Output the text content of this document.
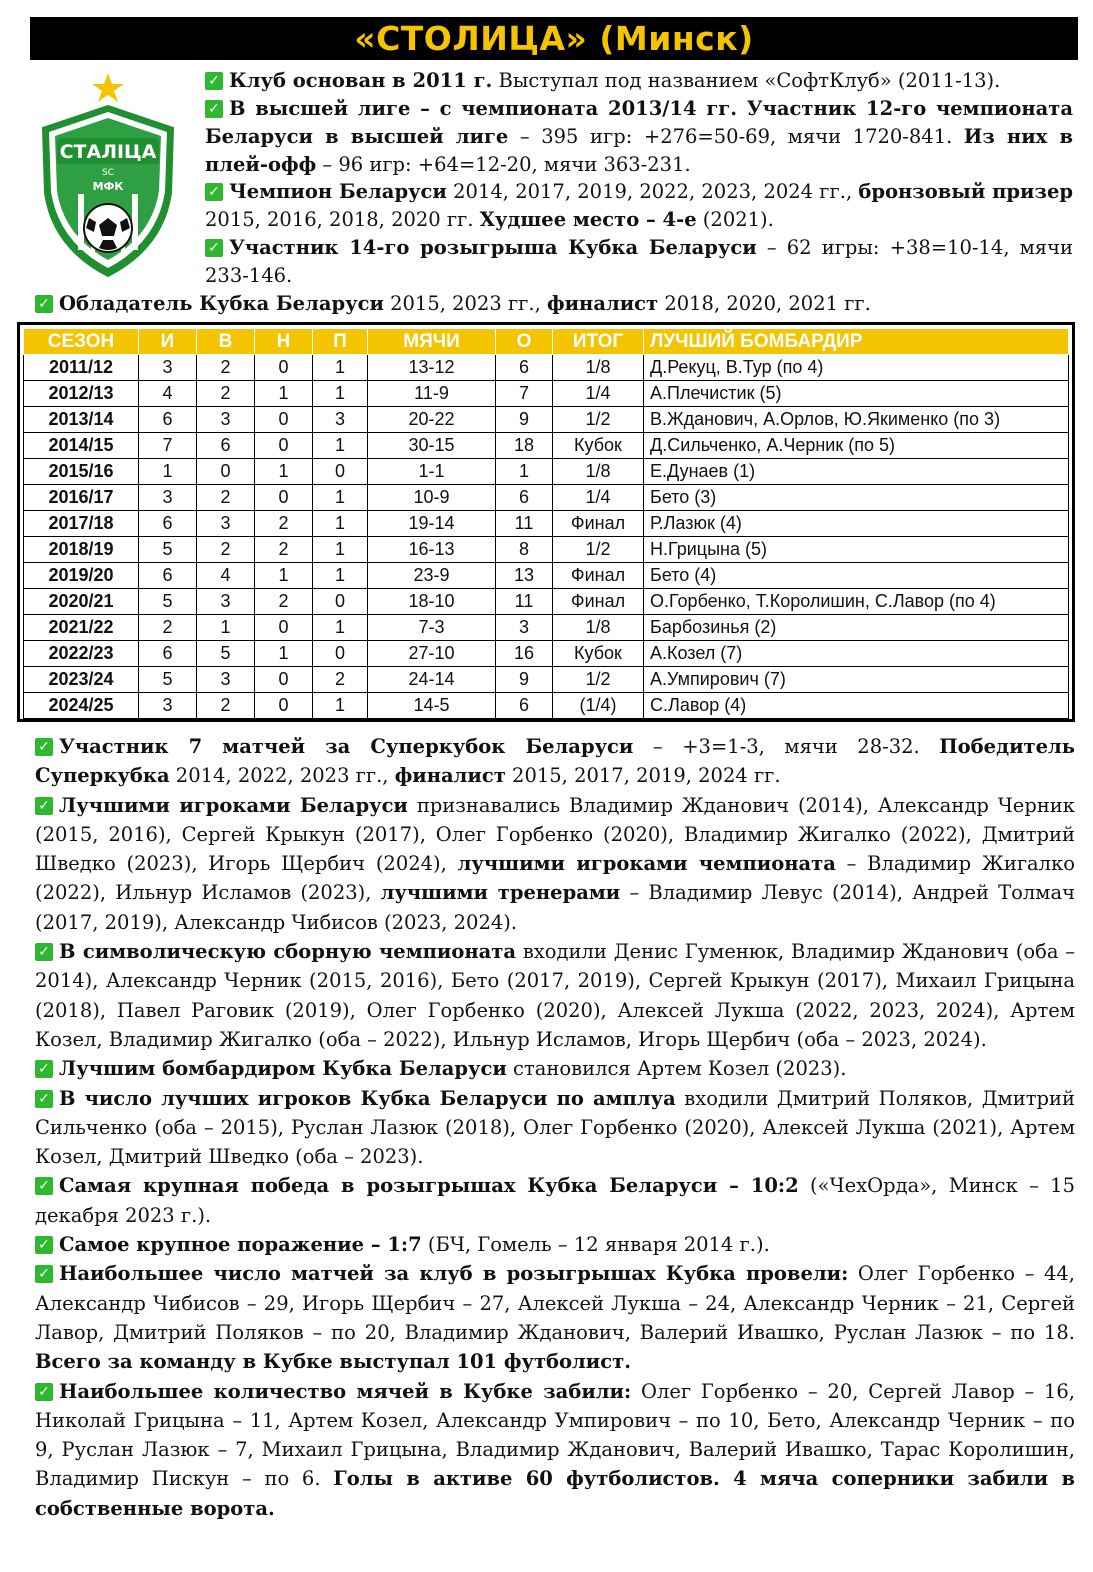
«СТОЛИЦА» (Минск)
СТАЛІЦА
SC
МФК
✓ Клуб основан в 2011 г. Выступал под названием «СофтКлуб» (2011-13).
✓ В высшей лиге – с чемпионата 2013/14 гг. Участник 12-го чемпионата Беларуси в высшей лиге – 395 игр: +276=50-69, мячи 1720-841. Из них в плей-офф – 96 игр: +64=12-20, мячи 363-231.
✓ Чемпион Беларуси 2014, 2017, 2019, 2022, 2023, 2024 гг., бронзовый призер 2015, 2016, 2018, 2020 гг. Худшее место – 4-е (2021).
✓ Участник 14-го розыгрыша Кубка Беларуси – 62 игры: +38=10-14, мячи 233-146.
✓ Обладатель Кубка Беларуси 2015, 2023 гг., финалист 2018, 2020, 2021 гг.
СЕЗОН	И	В	Н	П	МЯЧИ	О	ИТОГ	ЛУЧШИЙ БОМБАРДИР
2011/12	3	2	0	1	13-12	6	1/8	Д.Рекуц, В.Тур (по 4)
2012/13	4	2	1	1	11-9	7	1/4	А.Плечистик (5)
2013/14	6	3	0	3	20-22	9	1/2	В.Жданович, А.Орлов, Ю.Якименко (по 3)
2014/15	7	6	0	1	30-15	18	Кубок	Д.Сильченко, А.Черник (по 5)
2015/16	1	0	1	0	1-1	1	1/8	Е.Дунаев (1)
2016/17	3	2	0	1	10-9	6	1/4	Бето (3)
2017/18	6	3	2	1	19-14	11	Финал	Р.Лазюк (4)
2018/19	5	2	2	1	16-13	8	1/2	Н.Грицына (5)
2019/20	6	4	1	1	23-9	13	Финал	Бето (4)
2020/21	5	3	2	0	18-10	11	Финал	О.Горбенко, Т.Королишин, С.Лавор (по 4)
2021/22	2	1	0	1	7-3	3	1/8	Барбозинья (2)
2022/23	6	5	1	0	27-10	16	Кубок	А.Козел (7)
2023/24	5	3	0	2	24-14	9	1/2	А.Умпирович (7)
2024/25	3	2	0	1	14-5	6	(1/4)	С.Лавор (4)

✓ Участник 7 матчей за Суперкубок Беларуси – +3=1-3, мячи 28-32. Победитель Суперкубка 2014, 2022, 2023 гг., финалист 2015, 2017, 2019, 2024 гг.

✓ Лучшими игроками Беларуси признавались Владимир Жданович (2014), Александр Черник (2015, 2016), Сергей Крыкун (2017), Олег Горбенко (2020), Владимир Жигалко (2022), Дмитрий Шведко (2023), Игорь Щербич (2024), лучшими игроками чемпионата – Владимир Жигалко (2022), Ильнур Исламов (2023), лучшими тренерами – Владимир Левус (2014), Андрей Толмач (2017, 2019), Александр Чибисов (2023, 2024).

✓ В символическую сборную чемпионата входили Денис Гуменюк, Владимир Жданович (оба – 2014), Александр Черник (2015, 2016), Бето (2017, 2019), Сергей Крыкун (2017), Михаил Грицына (2018), Павел Раговик (2019), Олег Горбенко (2020), Алексей Лукша (2022, 2023, 2024), Артем Козел, Владимир Жигалко (оба – 2022), Ильнур Исламов, Игорь Щербич (оба – 2023, 2024).

✓ Лучшим бомбардиром Кубка Беларуси становился Артем Козел (2023).

✓ В число лучших игроков Кубка Беларуси по амплуа входили Дмитрий Поляков, Дмитрий Сильченко (оба – 2015), Руслан Лазюк (2018), Олег Горбенко (2020), Алексей Лукша (2021), Артем Козел, Дмитрий Шведко (оба – 2023).

✓ Самая крупная победа в розыгрышах Кубка Беларуси – 10:2 («ЧехОрда», Минск – 15 декабря 2023 г.).

✓ Самое крупное поражение – 1:7 (БЧ, Гомель – 12 января 2014 г.).

✓ Наибольшее число матчей за клуб в розыгрышах Кубка провели: Олег Горбенко – 44, Александр Чибисов – 29, Игорь Щербич – 27, Алексей Лукша – 24, Александр Черник – 21, Сергей Лавор, Дмитрий Поляков – по 20, Владимир Жданович, Валерий Ивашко, Руслан Лазюк – по 18. Всего за команду в Кубке выступал 101 футболист.

✓ Наибольшее количество мячей в Кубке забили: Олег Горбенко – 20, Сергей Лавор – 16, Николай Грицына – 11, Артем Козел, Александр Умпирович – по 10, Бето, Александр Черник – по 9, Руслан Лазюк – 7, Михаил Грицына, Владимир Жданович, Валерий Ивашко, Тарас Королишин, Владимир Пискун – по 6. Голы в активе 60 футболистов. 4 мяча соперники забили в собственные ворота.
